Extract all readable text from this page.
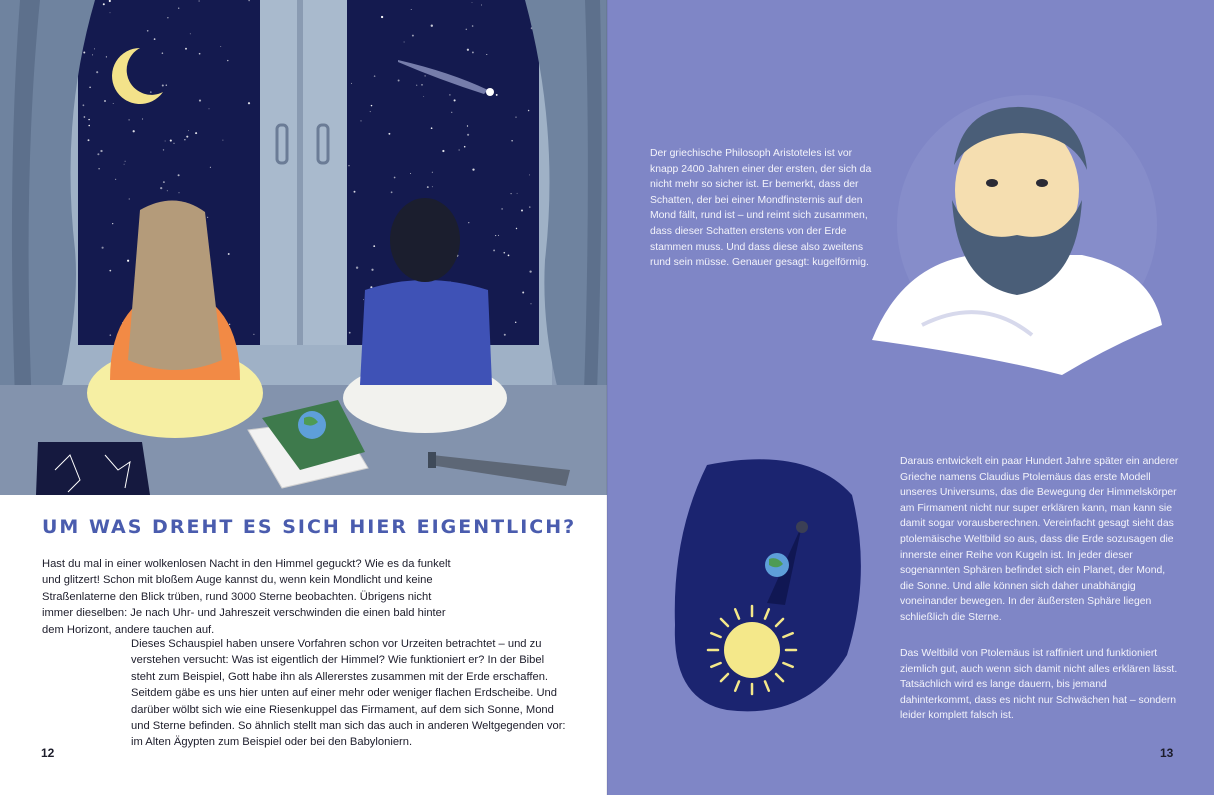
UM WAS DREHT ES SICH HIER EIGENTLICH?
Hast du mal in einer wolkenlosen Nacht in den Himmel geguckt? Wie es da funkelt und glitzert! Schon mit bloßem Auge kannst du, wenn kein Mondlicht und keine Straßenlaterne den Blick trüben, rund 3000 Sterne beobachten. Übrigens nicht immer dieselben: Je nach Uhr- und Jahreszeit verschwinden die einen bald hinter dem Horizont, andere tauchen auf.
Dieses Schauspiel haben unsere Vorfahren schon vor Urzeiten betrachtet – und zu verstehen versucht: Was ist eigentlich der Himmel? Wie funktioniert er? In der Bibel steht zum Beispiel, Gott habe ihn als Allererstes zusammen mit der Erde erschaffen. Seitdem gäbe es uns hier unten auf einer mehr oder weniger flachen Erdscheibe. Und darüber wölbt sich wie eine Riesenkuppel das Firmament, auf dem sich Sonne, Mond und Sterne befinden. So ähnlich stellt man sich das auch in anderen Weltgegenden vor: im Alten Ägypten zum Beispiel oder bei den Babyloniern.
12
Der griechische Philosoph Aristoteles ist vor knapp 2400 Jahren einer der ersten, der sich da nicht mehr so sicher ist. Er bemerkt, dass der Schatten, der bei einer Mondfinsternis auf den Mond fällt, rund ist – und reimt sich zusammen, dass dieser Schatten erstens von der Erde stammen muss. Und dass diese also zweitens rund sein müsse. Genauer gesagt: kugelförmig.
Daraus entwickelt ein paar Hundert Jahre später ein anderer Grieche namens Claudius Ptolemäus das erste Modell unseres Universums, das die Bewegung der Himmelskörper am Firmament nicht nur super erklären kann, man kann sie damit sogar vorausberechnen. Vereinfacht gesagt sieht das ptolemäische Weltbild so aus, dass die Erde sozusagen die innerste einer Reihe von Kugeln ist. In jeder dieser sogenannten Sphären befindet sich ein Planet, der Mond, die Sonne. Und alle können sich daher unabhängig voneinander bewegen. In der äußersten Sphäre liegen schließlich die Sterne.
Das Weltbild von Ptolemäus ist raffiniert und funktioniert ziemlich gut, auch wenn sich damit nicht alles erklären lässt. Tatsächlich wird es lange dauern, bis jemand dahinterkommt, dass es nicht nur Schwächen hat – sondern leider komplett falsch ist.
13
